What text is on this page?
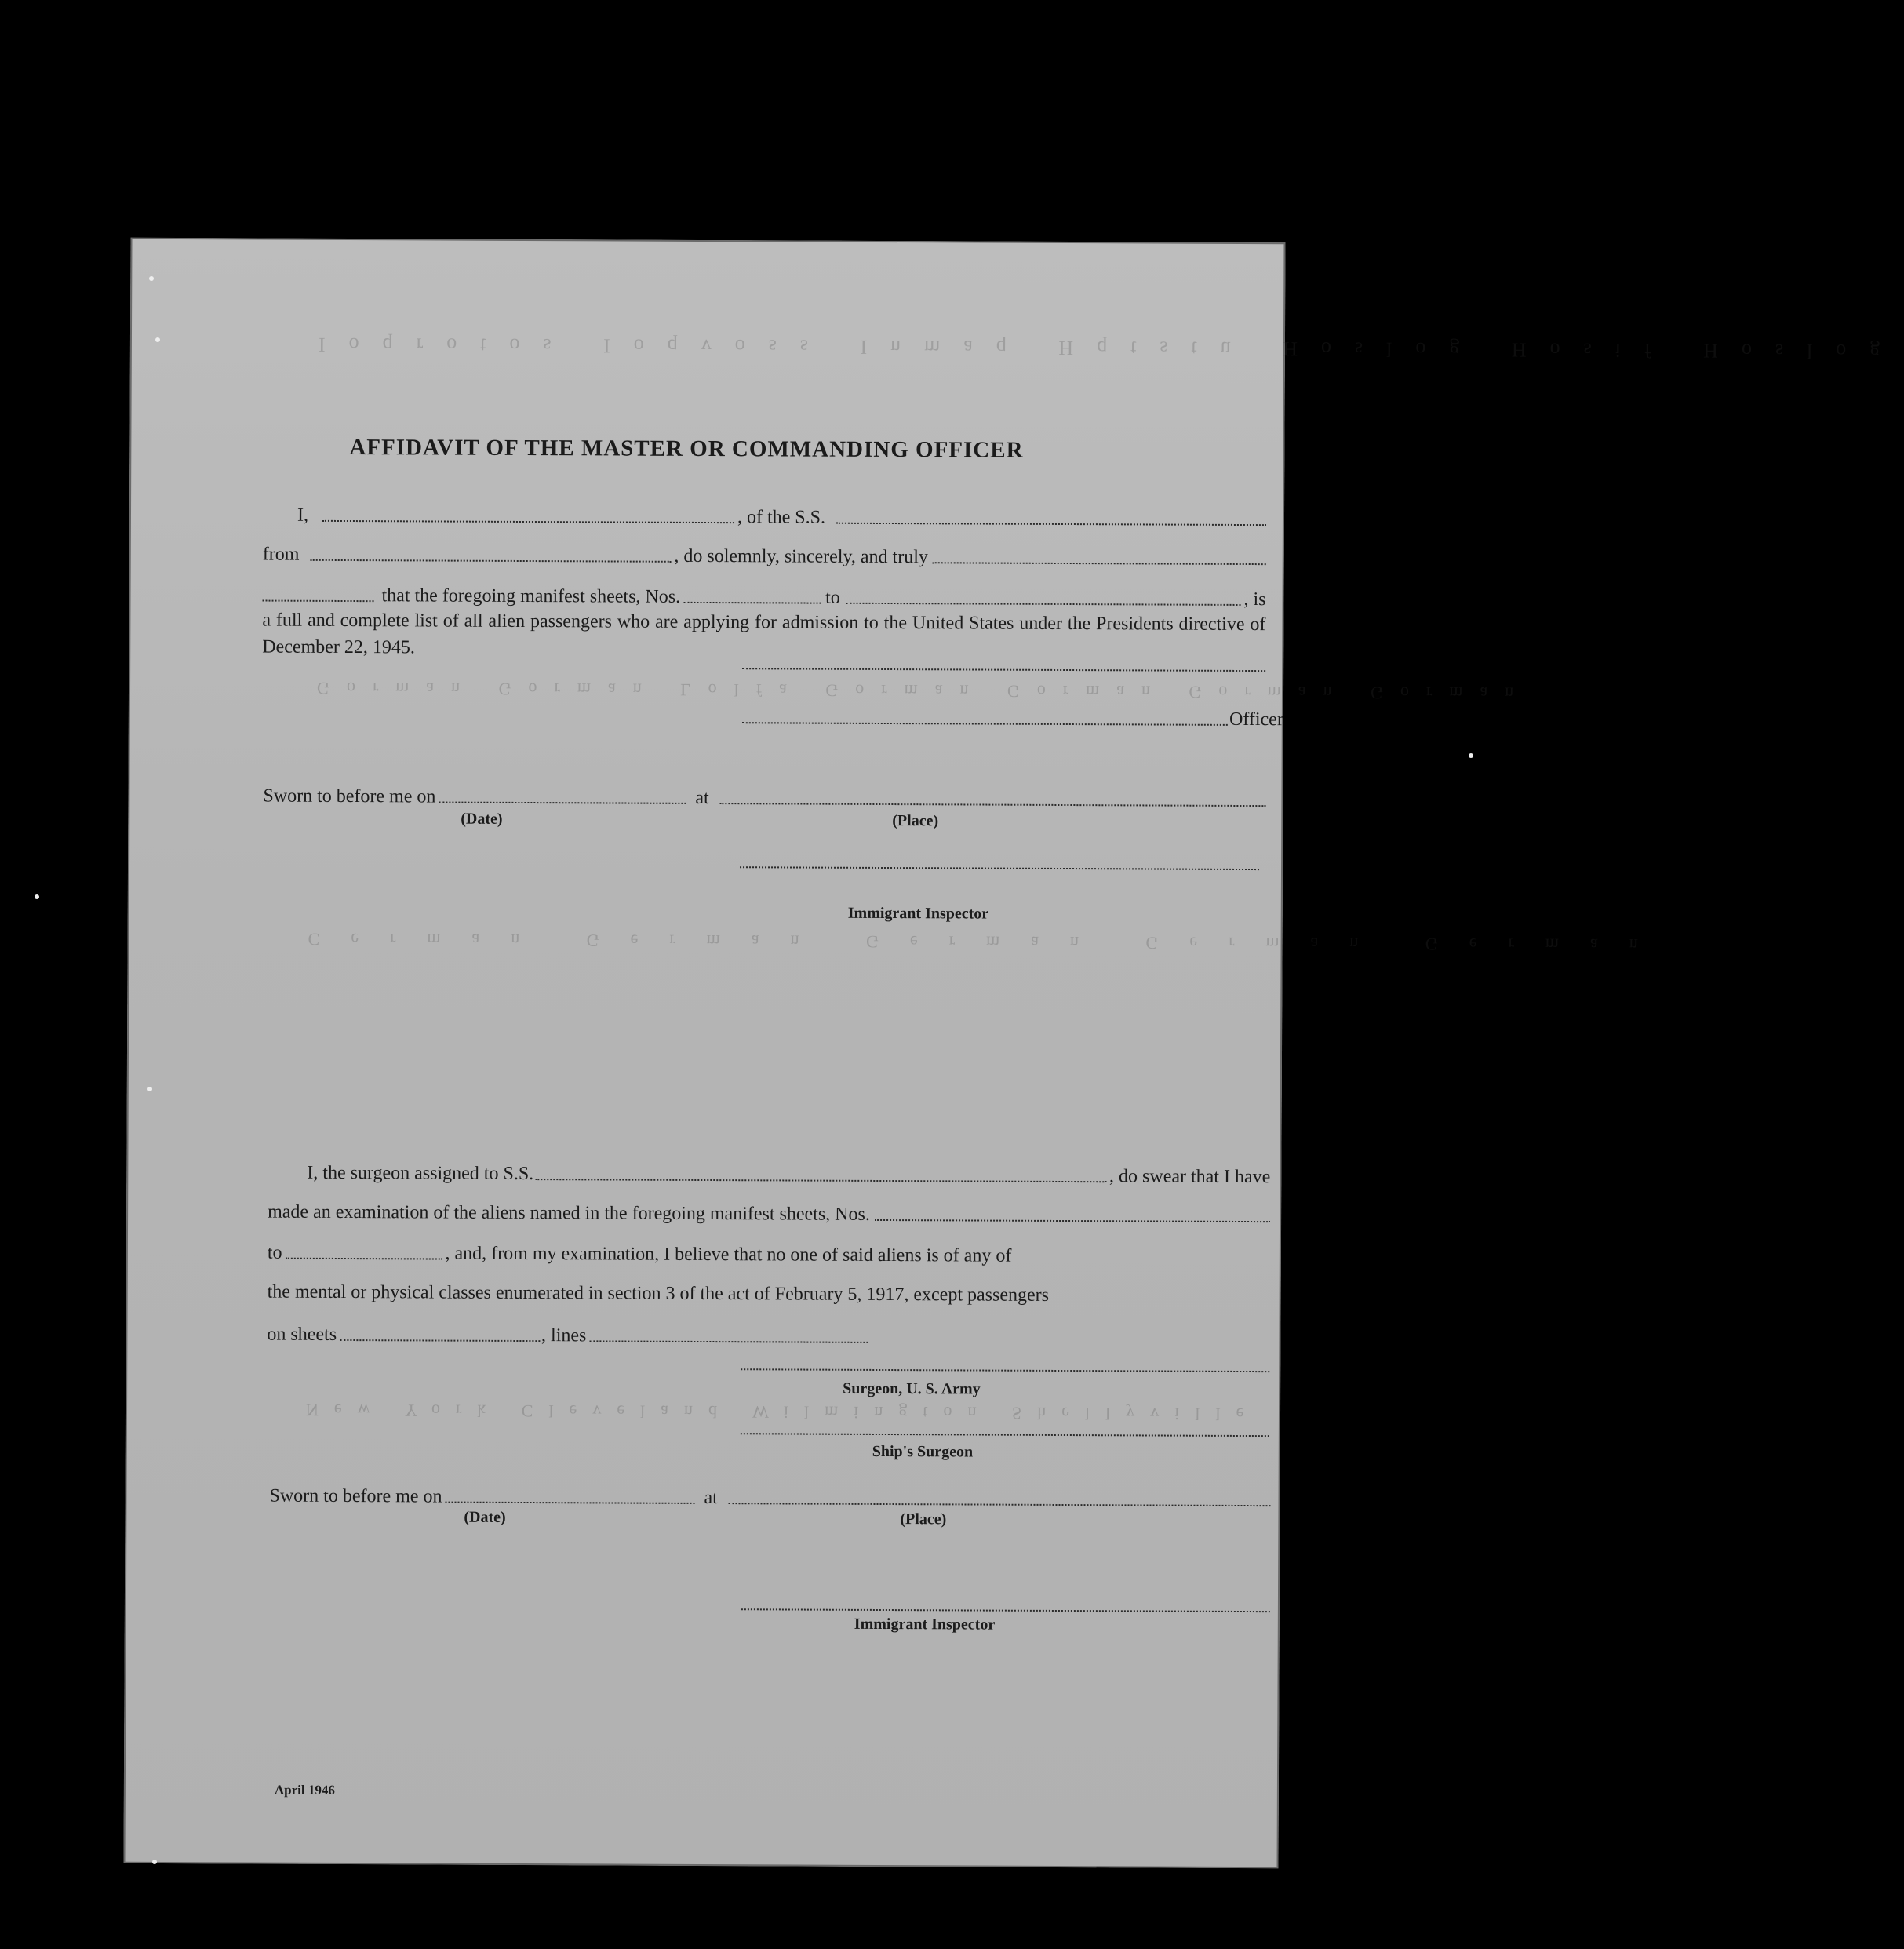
Ioqrotos Ioqvoss Inmaq Hqtstu Hoslog Hosif Hoslog
Gorman Gorman Lolfa Gorman Gorman Gorman Gorman
Cerman German German German German
New York Cleveland Wilmington Shellyville
AFFIDAVIT OF THE MASTER OR COMMANDING OFFICER
I,	, of the S.S.
from	, do solemnly, sincerely, and truly
that the foregoing manifest sheets, Nos.	to	, is
a full and complete list of all alien passengers who are applying for admission to the United States under the Presidents directive of December 22, 1945.
Officer
Sworn to before me on	at
(Date)	(Place)
Immigrant Inspector
I, the surgeon assigned to S.S.	, do swear that I have
made an examination of the aliens named in the foregoing manifest sheets, Nos.
to	, and, from my examination, I believe that no one of said aliens is of any of
the mental or physical classes enumerated in section 3 of the act of February 5, 1917, except passengers
on sheets	, lines
Surgeon, U. S. Army
Ship's Surgeon
Sworn to before me on	at
(Date)	(Place)
Immigrant Inspector
April 1946
